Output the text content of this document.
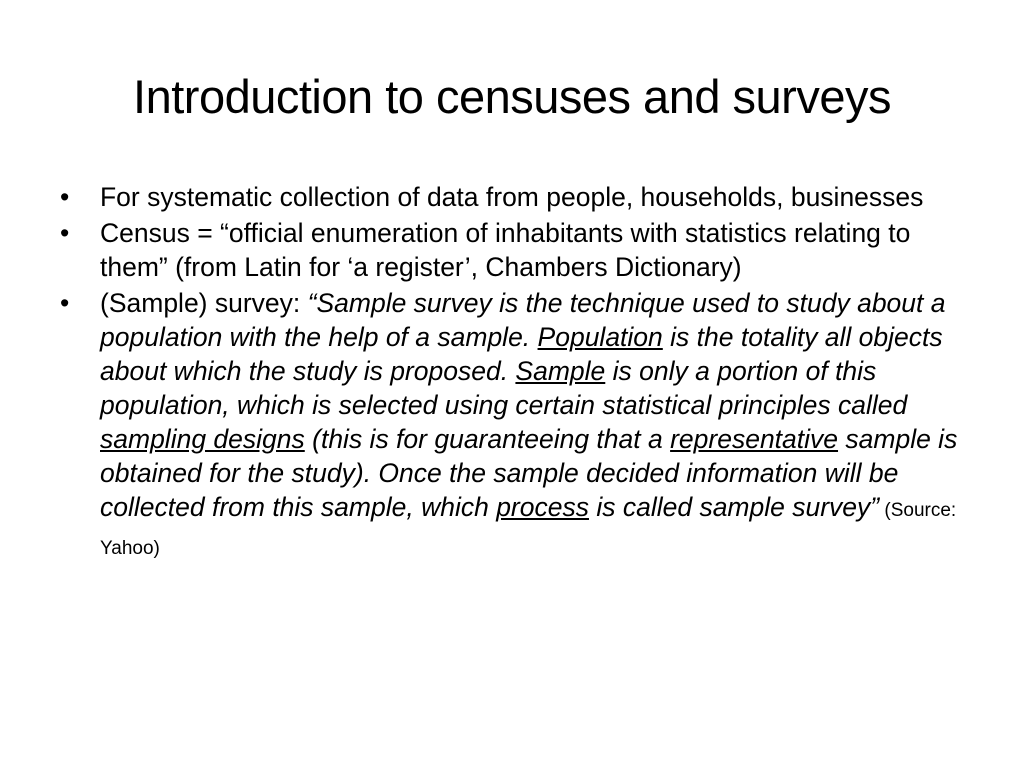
Introduction to censuses and surveys
• For systematic collection of data from people, households, businesses
• Census = “official enumeration of inhabitants with statistics relating to them” (from Latin for ‘a register’, Chambers Dictionary)
• (Sample) survey: “Sample survey is the technique used to study about a population with the help of a sample. Population is the totality all objects about which the study is proposed. Sample is only a portion of this population, which is selected using certain statistical principles called sampling designs (this is for guaranteeing that a representative sample is obtained for the study). Once the sample decided information will be collected from this sample, which process is called sample survey” (Source: Yahoo)
